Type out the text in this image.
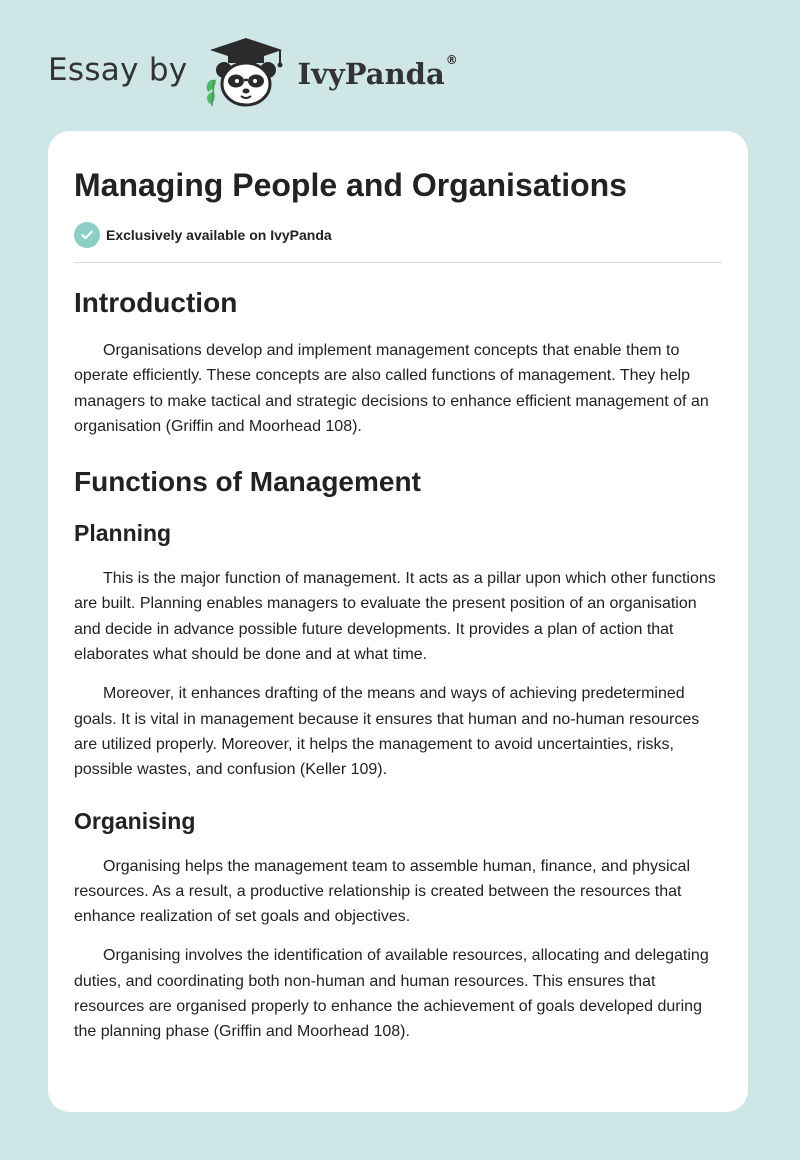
Essay by	IvyPanda®
Managing People and Organisations
Exclusively available on IvyPanda
Introduction

Organisations develop and implement management concepts that enable them to operate efficiently. These concepts are also called functions of management. They help managers to make tactical and strategic decisions to enhance efficient management of an organisation (Griffin and Moorhead 108).

Functions of Management
Planning

This is the major function of management. It acts as a pillar upon which other functions are built. Planning enables managers to evaluate the present position of an organisation and decide in advance possible future developments. It provides a plan of action that elaborates what should be done and at what time.

Moreover, it enhances drafting of the means and ways of achieving predetermined goals. It is vital in management because it ensures that human and no-human resources are utilized properly. Moreover, it helps the management to avoid uncertainties, risks, possible wastes, and confusion (Keller 109).

Organising

Organising helps the management team to assemble human, finance, and physical resources. As a result, a productive relationship is created between the resources that enhance realization of set goals and objectives.

Organising involves the identification of available resources, allocating and delegating duties, and coordinating both non-human and human resources. This ensures that resources are organised properly to enhance the achievement of goals developed during the planning phase (Griffin and Moorhead 108).
